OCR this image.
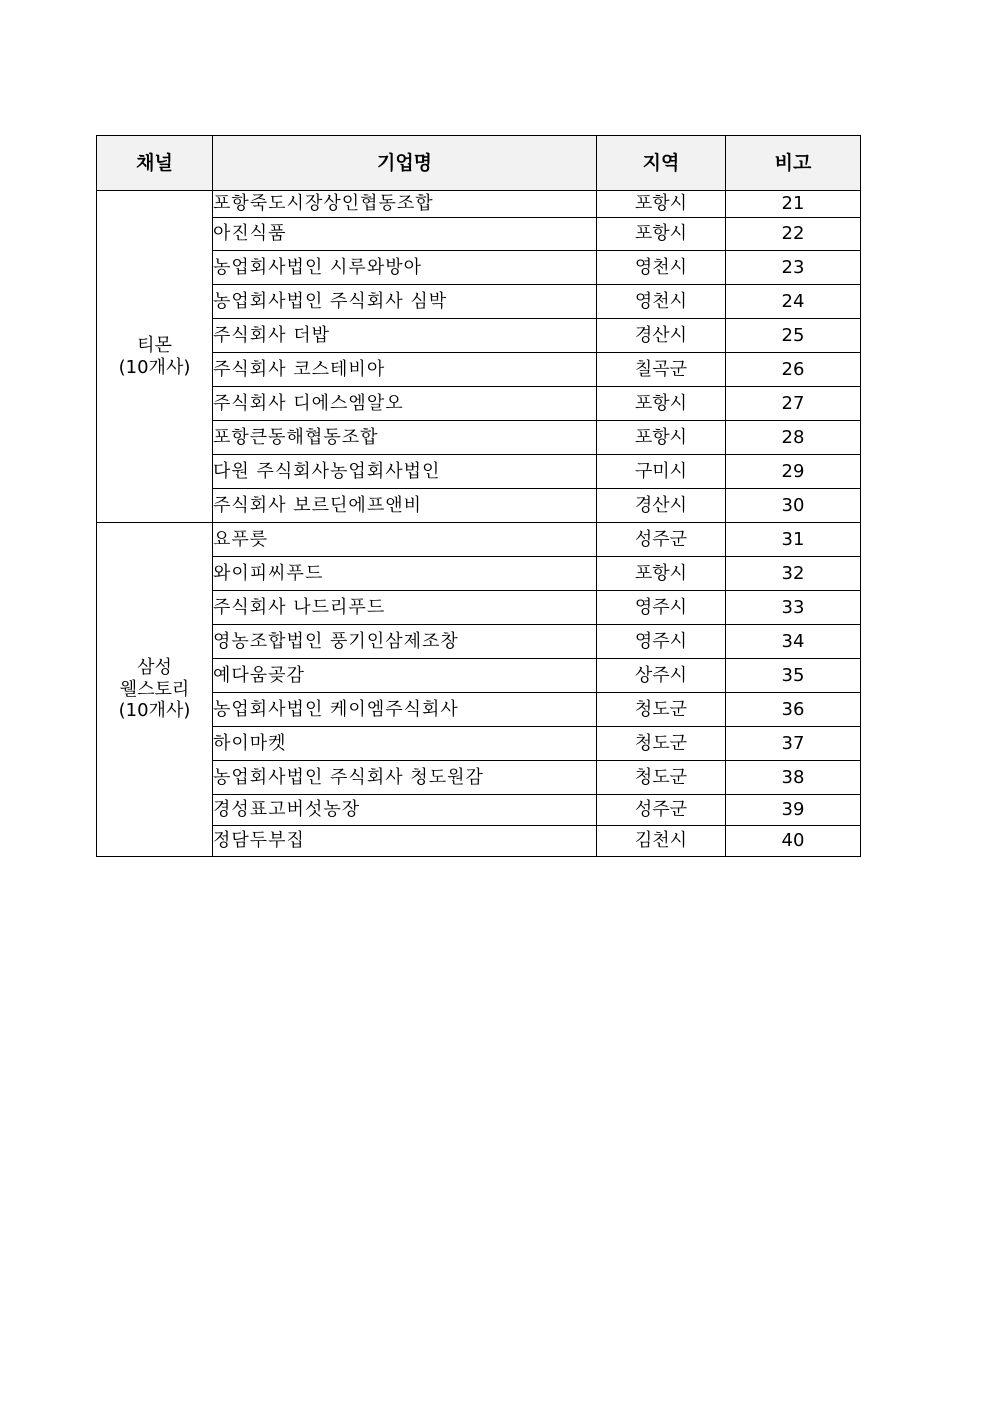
채널	기업명	지역	비고

티몬
(10개사)	포항죽도시장상인협동조합	포항시	21
	아진식품	포항시	22
	농업회사법인 시루와방아	영천시	23
	농업회사법인 주식회사 심박	영천시	24
	주식회사 더밥	경산시	25
	주식회사 코스테비아	칠곡군	26
	주식회사 디에스엠알오	포항시	27
	포항큰동해협동조합	포항시	28
	다원 주식회사농업회사법인	구미시	29
	주식회사 보르딘에프앤비	경산시	30

삼성
웰스토리
(10개사)	요푸릇	성주군	31
	와이피씨푸드	포항시	32
	주식회사 나드리푸드	영주시	33
	영농조합법인 풍기인삼제조창	영주시	34
	예다움곶감	상주시	35
	농업회사법인 케이엠주식회사	청도군	36
	하이마켓	청도군	37
	농업회사법인 주식회사 청도원감	청도군	38
	경성표고버섯농장	성주군	39
	정담두부집	김천시	40
